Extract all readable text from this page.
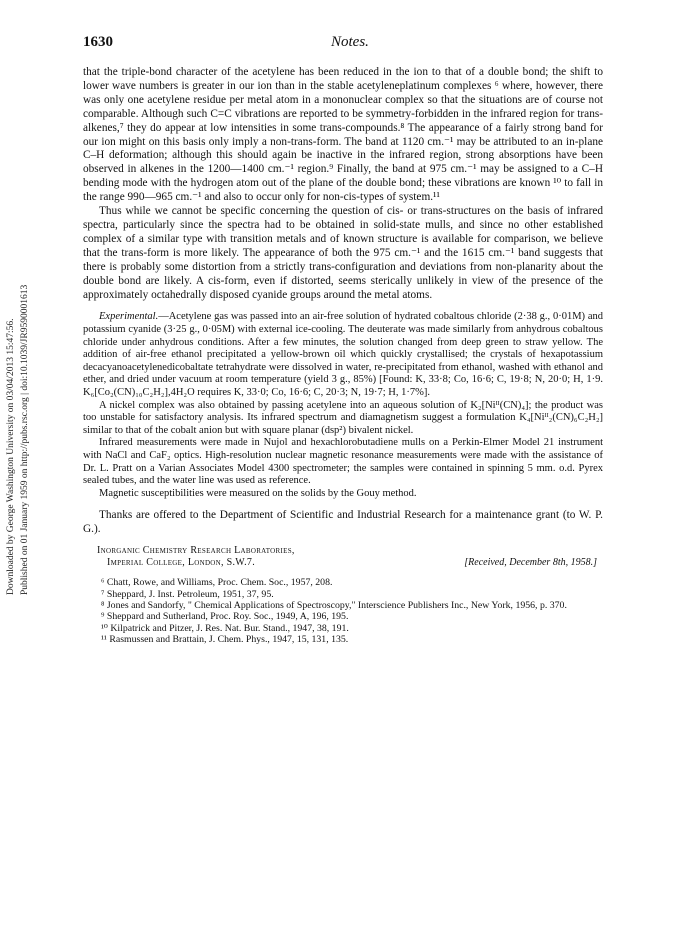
1630	Notes.
Downloaded by George Washington University on 03/04/2013 15:47:56. Published on 01 January 1959 on http://pubs.rsc.org | doi:10.1039/JR9590001613

that the triple-bond character of the acetylene has been reduced in the ion to that of a double bond; the shift to lower wave numbers is greater in our ion than in the stable acetyleneplatinum complexes ⁶ where, however, there was only one acetylene residue per metal atom in a mononuclear complex so that the situations are of course not comparable. Although such C=C vibrations are reported to be symmetry-forbidden in the infrared region for trans-alkenes,⁷ they do appear at low intensities in some trans-compounds.⁸ The appearance of a fairly strong band for our ion might on this basis only imply a non-trans-form. The band at 1120 cm.⁻¹ may be attributed to an in-plane C–H deformation; although this should again be inactive in the infrared region, strong absorptions have been observed in alkenes in the 1200—1400 cm.⁻¹ region.⁹ Finally, the band at 975 cm.⁻¹ may be assigned to a C–H bending mode with the hydrogen atom out of the plane of the double bond; these vibrations are known ¹⁰ to fall in the range 990—965 cm.⁻¹ and also to occur only for non-cis-types of system.¹¹

Thus while we cannot be specific concerning the question of cis- or trans-structures on the basis of infrared spectra, particularly since the spectra had to be obtained in solid-state mulls, and since no other established complex of a similar type with transition metals and of known structure is available for comparison, we believe that the trans-form is more likely. The appearance of both the 975 cm.⁻¹ and the 1615 cm.⁻¹ band suggests that there is probably some distortion from a strictly trans-configuration and deviations from non-planarity about the double bond are likely. A cis-form, even if distorted, seems sterically unlikely in view of the presence of the approximately octahedrally disposed cyanide groups around the metal atoms.

Experimental.—Acetylene gas was passed into an air-free solution of hydrated cobaltous chloride (2·38 g., 0·01M) and potassium cyanide (3·25 g., 0·05M) with external ice-cooling. The deuterate was made similarly from anhydrous cobaltous chloride under anhydrous conditions. After a few minutes, the solution changed from deep green to straw yellow. The addition of air-free ethanol precipitated a yellow-brown oil which quickly crystallised; the crystals of hexapotassium decacyanoacetylenedicobaltate tetrahydrate were dissolved in water, re-precipitated from ethanol, washed with ethanol and ether, and dried under vacuum at room temperature (yield 3 g., 85%) [Found: K, 33·8; Co, 16·6; C, 19·8; N, 20·0; H, 1·9. K₆[Co₂(CN)₁₀C₂H₂],4H₂O requires K, 33·0; Co, 16·6; C, 20·3; N, 19·7; H, 1·7%].

A nickel complex was also obtained by passing acetylene into an aqueous solution of K₂[Niᴵᴵ(CN)₄]; the product was too unstable for satisfactory analysis. Its infrared spectrum and diamagnetism suggest a formulation K₄[Niᴵᴵ₂(CN)₆C₂H₂] similar to that of the cobalt anion but with square planar (dsp²) bivalent nickel.

Infrared measurements were made in Nujol and hexachlorobutadiene mulls on a Perkin-Elmer Model 21 instrument with NaCl and CaF₂ optics. High-resolution nuclear magnetic resonance measurements were made with the assistance of Dr. L. Pratt on a Varian Associates Model 4300 spectrometer; the samples were contained in spinning 5 mm. o.d. Pyrex sealed tubes, and the water line was used as reference.

Magnetic susceptibilities were measured on the solids by the Gouy method.

Thanks are offered to the Department of Scientific and Industrial Research for a maintenance grant (to W. P. G.).

Inorganic Chemistry Research Laboratories,
Imperial College, London, S.W.7.	[Received, December 8th, 1958.]
⁶ Chatt, Rowe, and Williams, Proc. Chem. Soc., 1957, 208.
⁷ Sheppard, J. Inst. Petroleum, 1951, 37, 95.
⁸ Jones and Sandorfy, " Chemical Applications of Spectroscopy," Interscience Publishers Inc., New York, 1956, p. 370.
⁹ Sheppard and Sutherland, Proc. Roy. Soc., 1949, A, 196, 195.
¹⁰ Kilpatrick and Pitzer, J. Res. Nat. Bur. Stand., 1947, 38, 191.
¹¹ Rasmussen and Brattain, J. Chem. Phys., 1947, 15, 131, 135.
